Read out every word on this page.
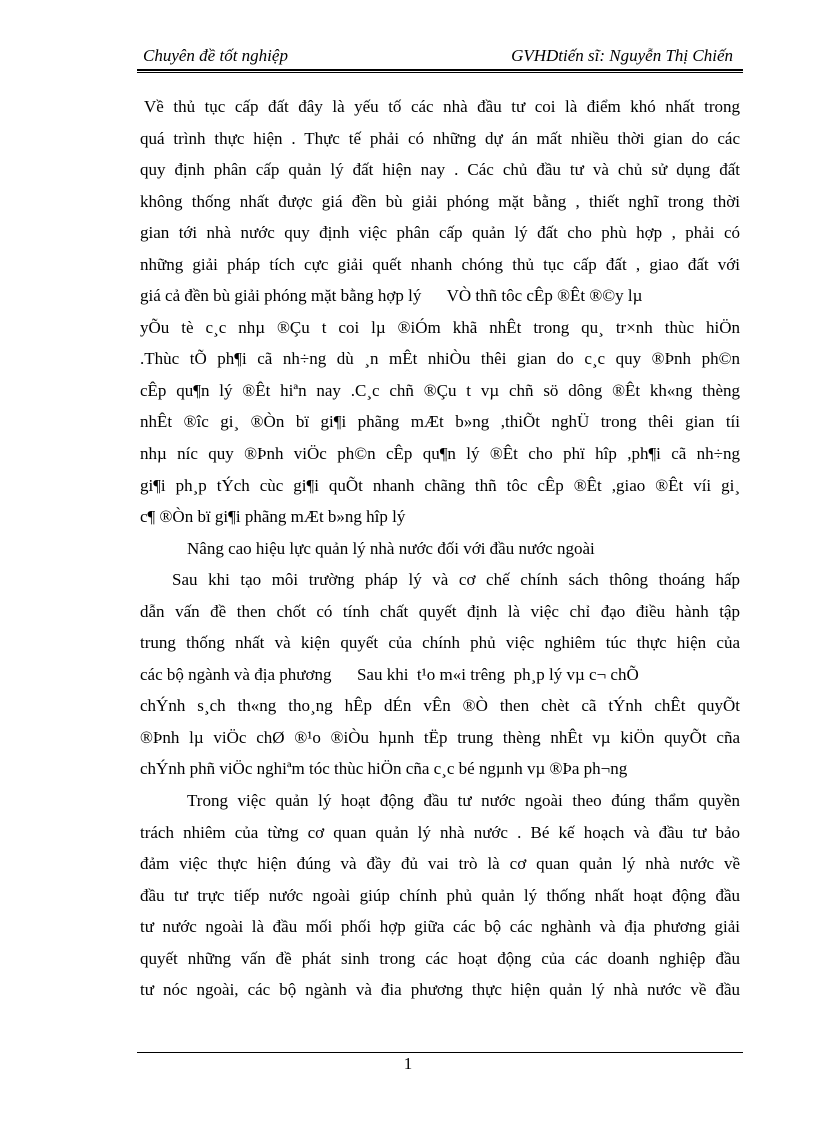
Chuyên đề tốt nghiệp	GVHDtiến sĩ: Nguyễn Thị Chiến
Về thủ tục cấp đất đây là yếu tố các nhà đầu tư coi là điểm khó nhất trong
quá trình thực hiện . Thực tế phải có những dự án mất nhiều thời gian do các
quy định phân cấp quản lý đất hiện nay . Các chủ đầu tư và chủ sử dụng đất
không thống nhất được giá đền bù giải phóng mặt bằng , thiết nghĩ trong thời
gian tới nhà nước quy định việc phân cấp quản lý đất cho phù hợp , phải có
những giải pháp tích cực giải quết nhanh chóng thủ tục cấp đất , giao đất với
giá cả đền bù giải phóng mặt bằng hợp lý      VÒ thñ tôc cÊp ®Êt ®©y lµ
yÕu tè c¸c nhµ ®Çu t coi lµ ®iÓm khã nhÊt trong qu¸ tr×nh thùc hiÖn
.Thùc tÕ ph¶i cã nh÷ng dù ¸n mÊt nhiÒu thêi gian do c¸c quy ®Þnh ph©n
cÊp qu¶n lý ®Êt hiªn nay .C¸c chñ ®Çu t vµ chñ sö dông ®Êt kh«ng thèng
nhÊt ®îc gi¸ ®Òn bï gi¶i phãng mÆt b»ng ,thiÕt nghÜ trong thêi gian tíi
nhµ níc quy ®Þnh viÖc ph©n cÊp qu¶n lý ®Êt cho phï hîp ,ph¶i cã nh÷ng
gi¶i ph¸p tÝch cùc gi¶i quÕt nhanh chãng thñ tôc cÊp ®Êt ,giao ®Êt víi gi¸
c¶ ®Òn bï gi¶i phãng mÆt b»ng hîp lý
Nâng cao hiệu lực quản lý nhà nước đối với đầu nước ngoài
Sau khi tạo môi trường pháp lý và cơ chế chính sách thông thoáng hấp
dẫn vấn đề then chốt có tính chất quyết định là việc chỉ đạo điều hành tập
trung thống nhất và kiện quyết của chính phủ việc nghiêm túc thực hiện của
các bộ ngành và địa phương      Sau khi  t¹o m«i trêng  ph¸p lý vµ c¬ chÕ
chÝnh s¸ch th«ng tho¸ng hÊp dÉn vÊn ®Ò then chèt cã tÝnh chÊt quyÕt
®Þnh lµ viÖc chØ ®¹o ®iÒu hµnh tËp trung thèng nhÊt vµ kiÖn quyÕt cña
chÝnh phñ viÖc nghiªm tóc thùc hiÖn cña c¸c bé ngµnh vµ ®Þa ph¬ng
Trong việc quản lý hoạt động đầu tư nước ngoài theo đúng thẩm quyền
trách nhiêm của từng cơ quan quản lý nhà nước . Bé kế hoạch và đầu tư bảo
đảm việc thực hiện đúng và đầy đủ vai trò là cơ quan quản lý nhà nước về
đầu tư trực tiếp nước ngoài giúp chính phủ quản lý thống nhất hoạt động đầu
tư nước ngoài là đầu mối phối hợp giữa các bộ các nghành và địa phương giải
quyết những vấn đề phát sinh trong các hoạt động của các doanh nghiệp đầu
tư nóc ngoài, các bộ ngành và đia phương thực hiện quản lý nhà nước về đầu
1
